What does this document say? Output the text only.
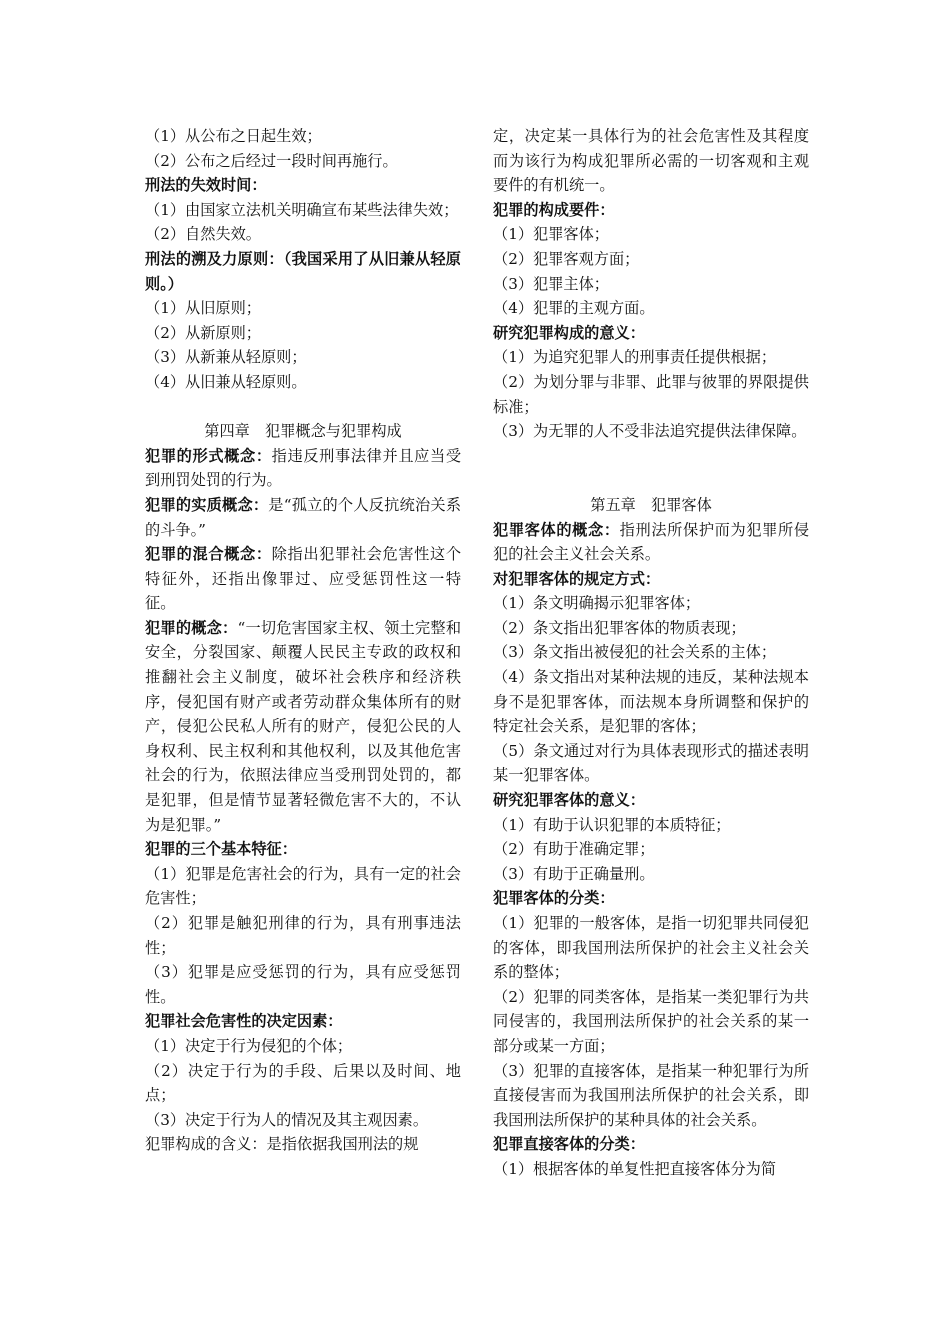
（1）从公布之日起生效；

（2）公布之后经过一段时间再施行。

刑法的失效时间：

（1）由国家立法机关明确宣布某些法律失效；

（2）自然失效。

刑法的溯及力原则：（我国采用了从旧兼从轻原则。）

（1）从旧原则；

（2）从新原则；

（3）从新兼从轻原则；

（4）从旧兼从轻原则。

第四章　犯罪概念与犯罪构成

犯罪的形式概念：指违反刑事法律并且应当受到刑罚处罚的行为。

犯罪的实质概念：是“孤立的个人反抗统治关系的斗争。”

犯罪的混合概念：除指出犯罪社会危害性这个特征外，还指出像罪过、应受惩罚性这一特征。

犯罪的概念：“一切危害国家主权、领土完整和安全，分裂国家、颠覆人民民主专政的政权和推翻社会主义制度，破坏社会秩序和经济秩序，侵犯国有财产或者劳动群众集体所有的财产，侵犯公民私人所有的财产，侵犯公民的人身权利、民主权利和其他权利，以及其他危害社会的行为，依照法律应当受刑罚处罚的，都是犯罪，但是情节显著轻微危害不大的，不认为是犯罪。”

犯罪的三个基本特征：

（1）犯罪是危害社会的行为，具有一定的社会危害性；

（2）犯罪是触犯刑律的行为，具有刑事违法性；

（3）犯罪是应受惩罚的行为，具有应受惩罚性。

犯罪社会危害性的决定因素：

（1）决定于行为侵犯的个体；

（2）决定于行为的手段、后果以及时间、地点；

（3）决定于行为人的情况及其主观因素。

犯罪构成的含义：是指依据我国刑法的规

定，决定某一具体行为的社会危害性及其程度而为该行为构成犯罪所必需的一切客观和主观要件的有机统一。

犯罪的构成要件：

（1）犯罪客体；

（2）犯罪客观方面；

（3）犯罪主体；

（4）犯罪的主观方面。

研究犯罪构成的意义：

（1）为追究犯罪人的刑事责任提供根据；

（2）为划分罪与非罪、此罪与彼罪的界限提供标准；

（3）为无罪的人不受非法追究提供法律保障。

第五章　犯罪客体

犯罪客体的概念：指刑法所保护而为犯罪所侵犯的社会主义社会关系。

对犯罪客体的规定方式：

（1）条文明确揭示犯罪客体；

（2）条文指出犯罪客体的物质表现；

（3）条文指出被侵犯的社会关系的主体；

（4）条文指出对某种法规的违反，某种法规本身不是犯罪客体，而法规本身所调整和保护的特定社会关系，是犯罪的客体；

（5）条文通过对行为具体表现形式的描述表明某一犯罪客体。

研究犯罪客体的意义：

（1）有助于认识犯罪的本质特征；

（2）有助于准确定罪；

（3）有助于正确量刑。

犯罪客体的分类：

（1）犯罪的一般客体，是指一切犯罪共同侵犯的客体，即我国刑法所保护的社会主义社会关系的整体；

（2）犯罪的同类客体，是指某一类犯罪行为共同侵害的，我国刑法所保护的社会关系的某一部分或某一方面；

（3）犯罪的直接客体，是指某一种犯罪行为所直接侵害而为我国刑法所保护的社会关系，即我国刑法所保护的某种具体的社会关系。

犯罪直接客体的分类：

（1）根据客体的单复性把直接客体分为简
